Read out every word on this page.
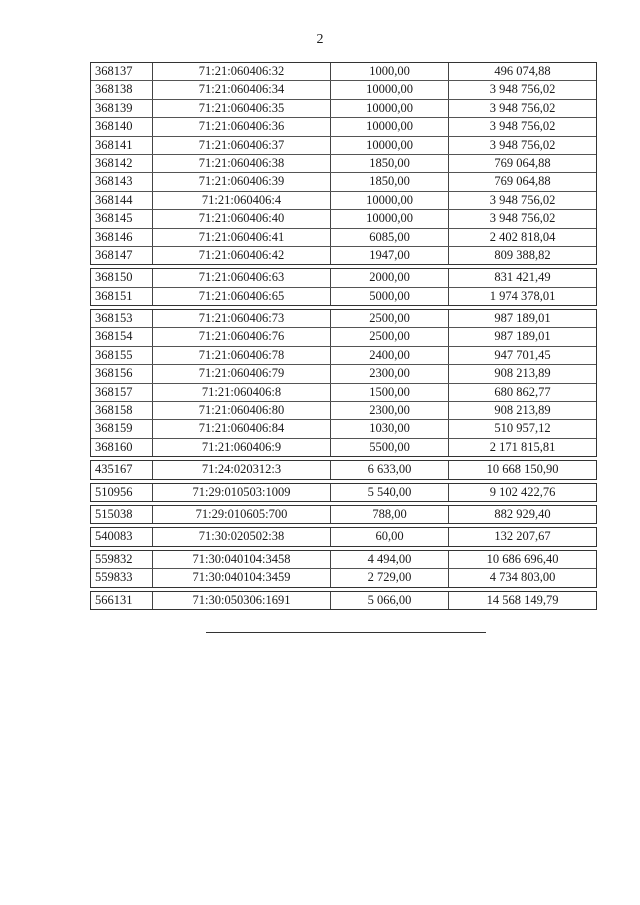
2
368137	71:21:060406:32	1000,00	496 074,88
368138	71:21:060406:34	10000,00	3 948 756,02
368139	71:21:060406:35	10000,00	3 948 756,02
368140	71:21:060406:36	10000,00	3 948 756,02
368141	71:21:060406:37	10000,00	3 948 756,02
368142	71:21:060406:38	1850,00	769 064,88
368143	71:21:060406:39	1850,00	769 064,88
368144	71:21:060406:4	10000,00	3 948 756,02
368145	71:21:060406:40	10000,00	3 948 756,02
368146	71:21:060406:41	6085,00	2 402 818,04
368147	71:21:060406:42	1947,00	809 388,82
368150	71:21:060406:63	2000,00	831 421,49
368151	71:21:060406:65	5000,00	1 974 378,01
368153	71:21:060406:73	2500,00	987 189,01
368154	71:21:060406:76	2500,00	987 189,01
368155	71:21:060406:78	2400,00	947 701,45
368156	71:21:060406:79	2300,00	908 213,89
368157	71:21:060406:8	1500,00	680 862,77
368158	71:21:060406:80	2300,00	908 213,89
368159	71:21:060406:84	1030,00	510 957,12
368160	71:21:060406:9	5500,00	2 171 815,81
435167	71:24:020312:3	6 633,00	10 668 150,90
510956	71:29:010503:1009	5 540,00	9 102 422,76
515038	71:29:010605:700	788,00	882 929,40
540083	71:30:020502:38	60,00	132 207,67
559832	71:30:040104:3458	4 494,00	10 686 696,40
559833	71:30:040104:3459	2 729,00	4 734 803,00
566131	71:30:050306:1691	5 066,00	14 568 149,79
